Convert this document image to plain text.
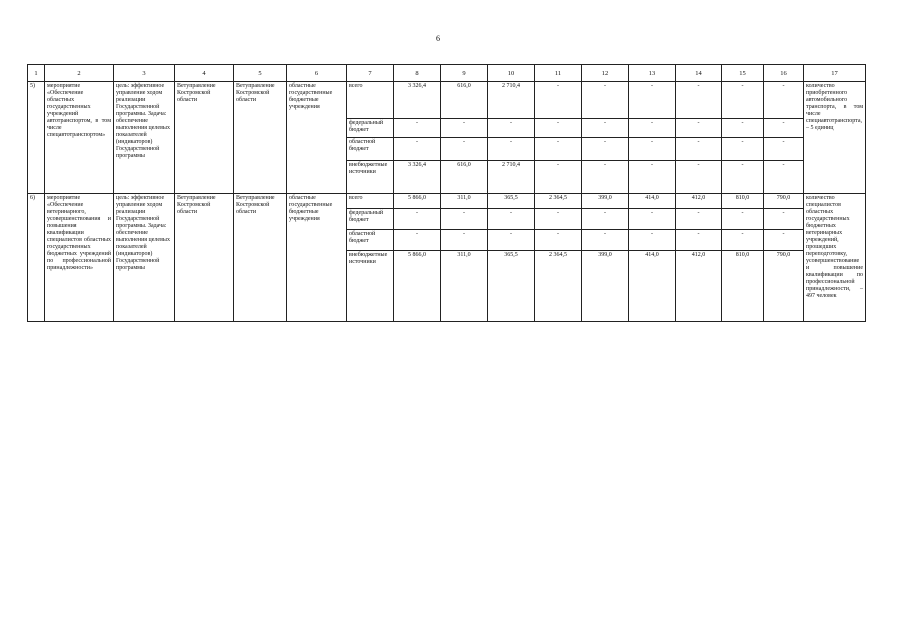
6
1	2	3	4	5	6	7	8	9	10	11	12	13	14	15	16	17
5)	мероприятие «Обеспечение областных государственных учреждений автотранспортом, в том числе спецавтотранспортом»	цель: эффективное управление ходом реализации Государственной программы. Задача: обеспечение выполнения целевых показателей (индикаторов) Государственной программы	Ветуправление Костромской области	Ветуправление Костромской области	областные государственные бюджетные учреждения	всего	3 326,4	616,0	2 710,4	-	-	-	-	-	-	количество приобретенного автомобильного транспорта, в том числе специавтотранспорта, – 5 единиц
						федеральный бюджет	-	-	-	-	-	-	-	-	-	
						областной бюджет	-	-	-	-	-	-	-	-	-	
						внебюджетные источники	3 326,4	616,0	2 710,4	-	-	-	-	-	-	
6)	мероприятие «Обеспечение ветеринарного, усовершенствования и повышения квалификации специалистов областных государственных бюджетных учреждений по профессиональной принадлежности»	цель: эффективное управление ходом реализации Государственной программы. Задача: обеспечение выполнения целевых показателей (индикаторов) Государственной программы	Ветуправление Костромской области	Ветуправление Костромской области	областные государственные бюджетные учреждения	всего	5 866,0	311,0	365,5	2 364,5	399,0	414,0	412,0	810,0	790,0	количество специалистов областных государственных бюджетных ветеринарных учреждений, прошедших переподготовку, усовершенствование и повышение квалификации по профессиональной принадлежности, – 497 человек
						федеральный бюджет	-	-	-	-	-	-	-	-	-	
						областной бюджет	-	-	-	-	-	-	-	-	-	
						внебюджетные источники	5 866,0	311,0	365,5	2 364,5	399,0	414,0	412,0	810,0	790,0	
